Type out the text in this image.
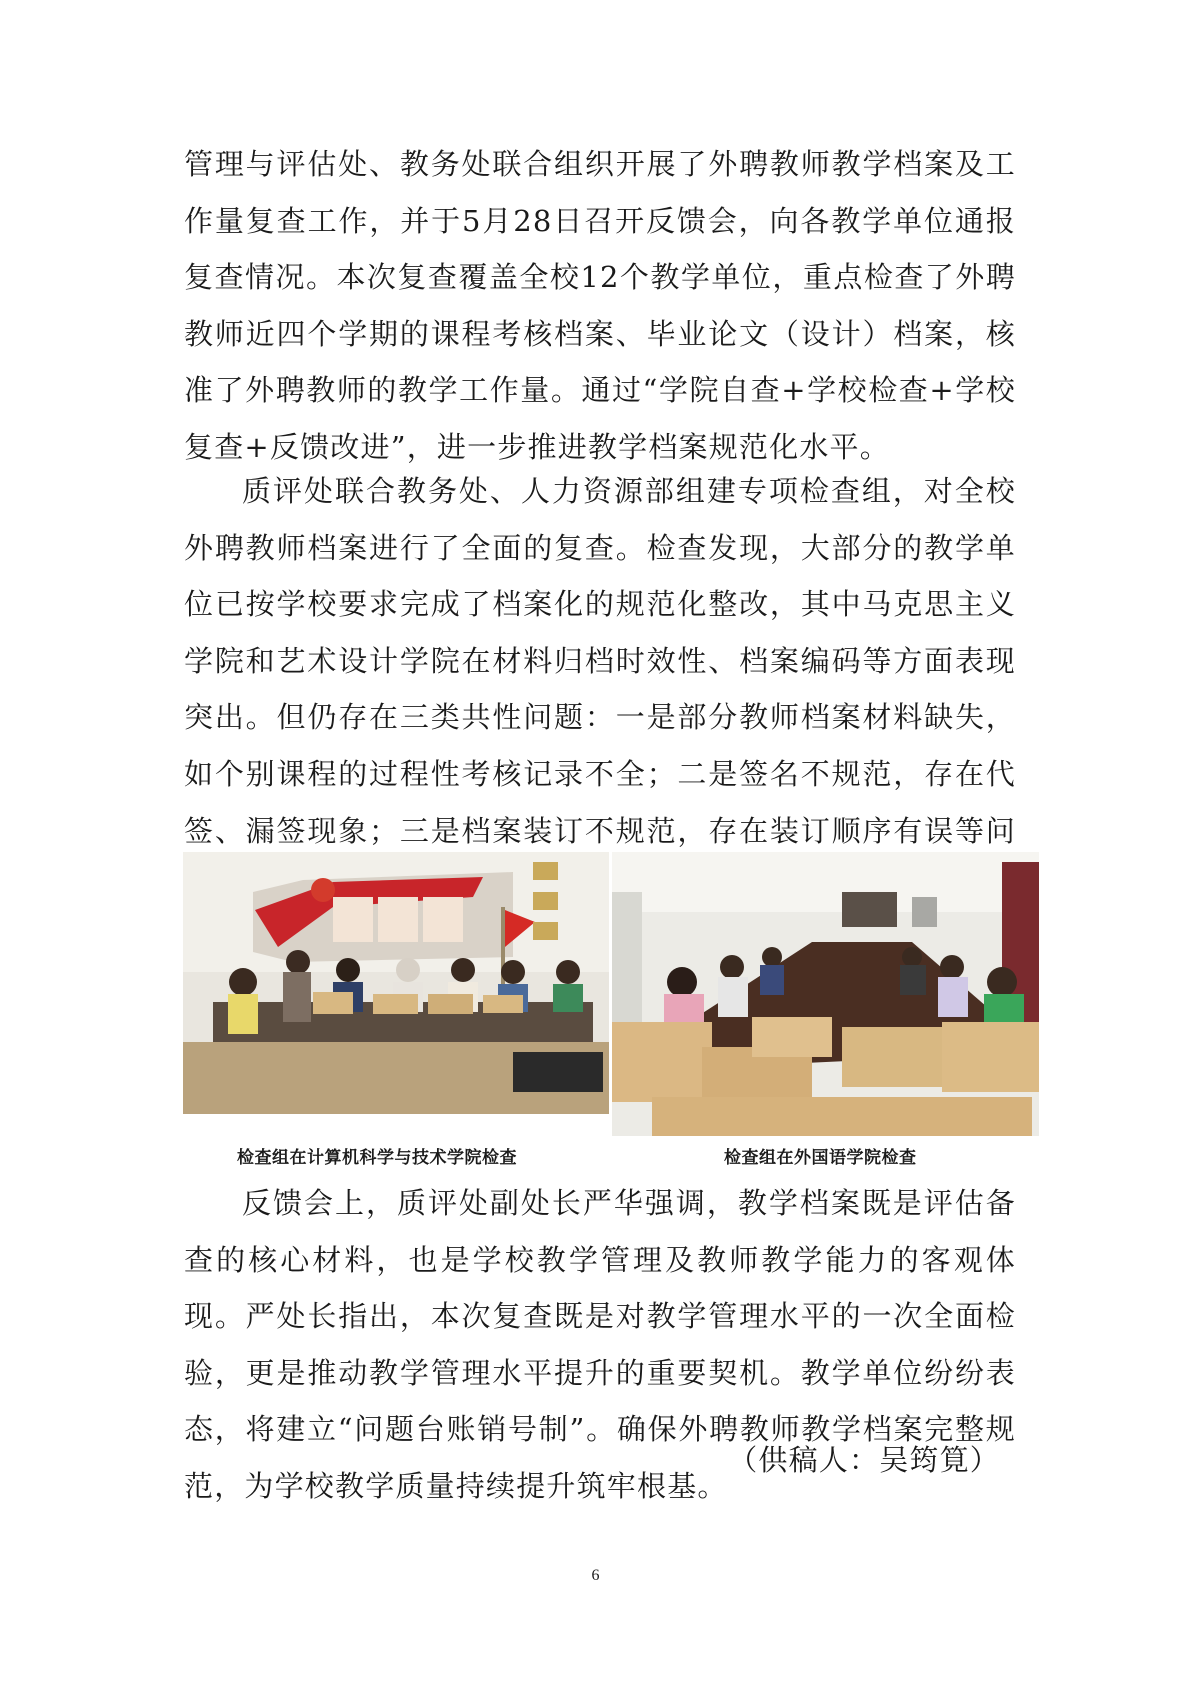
管理与评估处、教务处联合组织开展了外聘教师教学档案及工作量复查工作，并于5月28日召开反馈会，向各教学单位通报复查情况。本次复查覆盖全校12个教学单位，重点检查了外聘教师近四个学期的课程考核档案、毕业论文（设计）档案，核准了外聘教师的教学工作量。通过“学院自查+学校检查+学校复查+反馈改进”，进一步推进教学档案规范化水平。

质评处联合教务处、人力资源部组建专项检查组，对全校外聘教师档案进行了全面的复查。检查发现，大部分的教学单位已按学校要求完成了档案化的规范化整改，其中马克思主义学院和艺术设计学院在材料归档时效性、档案编码等方面表现突出。但仍存在三类共性问题：一是部分教师档案材料缺失，如个别课程的过程性考核记录不全；二是签名不规范，存在代签、漏签现象；三是档案装订不规范，存在装订顺序有误等问

检查组在计算机科学与技术学院检查	检查组在外国语学院检查

反馈会上，质评处副处长严华强调，教学档案既是评估备查的核心材料，也是学校教学管理及教师教学能力的客观体现。严处长指出，本次复查既是对教学管理水平的一次全面检验，更是推动教学管理水平提升的重要契机。教学单位纷纷表态，将建立“问题台账销号制”。确保外聘教师教学档案完整规范，为学校教学质量持续提升筑牢根基。

（供稿人：吴筠筧）
6
